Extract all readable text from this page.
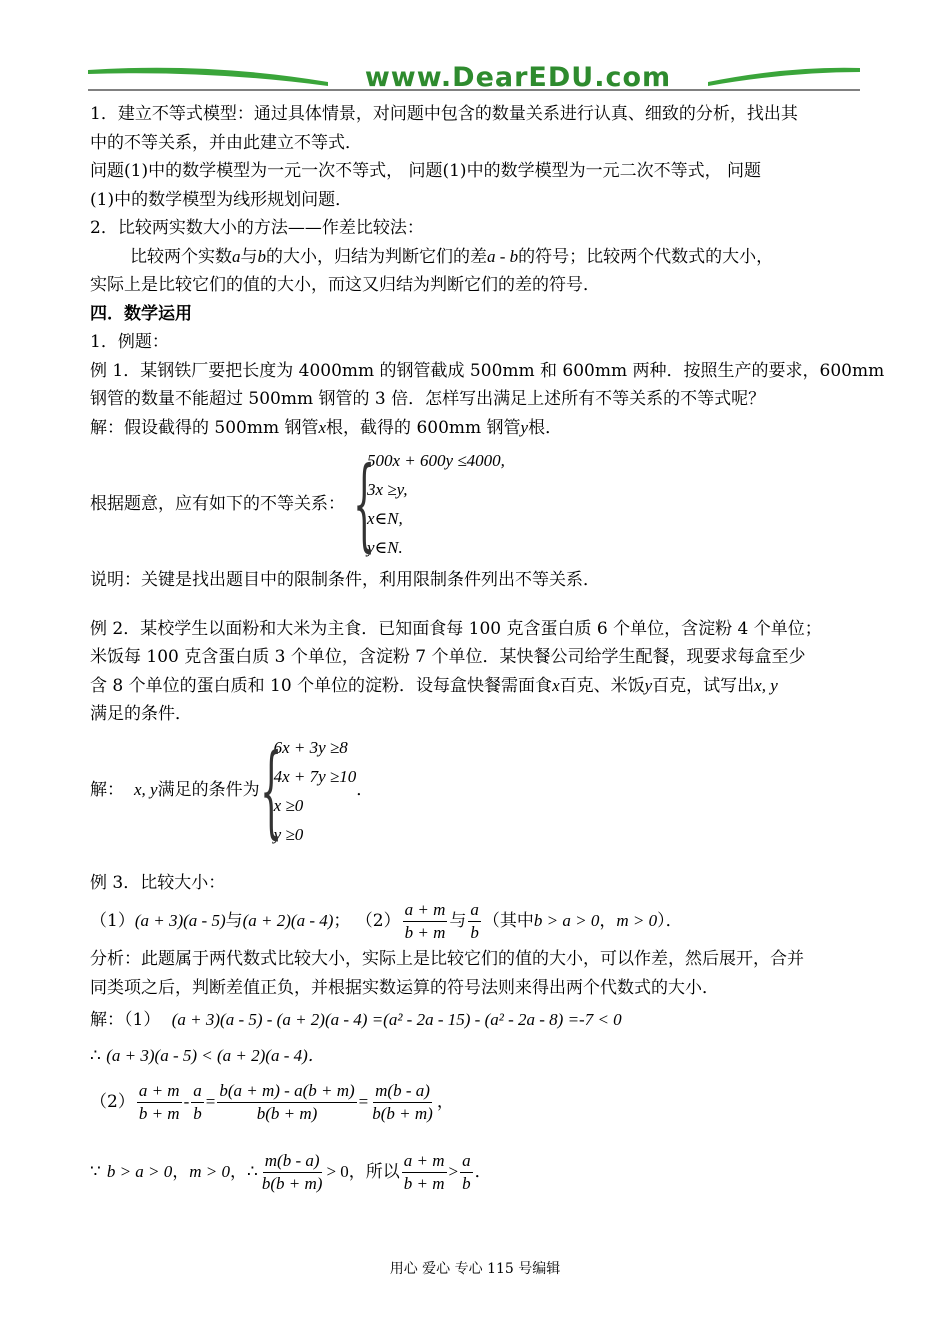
www.DearEDU.com

1．建立不等式模型：通过具体情景，对问题中包含的数量关系进行认真、细致的分析，找出其

中的不等关系，并由此建立不等式．

问题(1)中的数学模型为一元一次不等式， 问题(1)中的数学模型为一元二次不等式， 问题

(1)中的数学模型为线形规划问题．

2．比较两实数大小的方法——作差比较法：

比较两个实数a与b的大小，归结为判断它们的差a - b的符号；比较两个代数式的大小，

实际上是比较它们的值的大小，而这又归结为判断它们的差的符号．

四．数学运用

1．例题：

例 1．某钢铁厂要把长度为 4000mm 的钢管截成 500mm 和 600mm 两种．按照生产的要求，600mm

钢管的数量不能超过 500mm 钢管的 3 倍．怎样写出满足上述所有不等关系的不等式呢？

解：假设截得的 500mm 钢管x根，截得的 600mm 钢管y根．

根据题意，应有如下的不等关系： {
500x + 600y ≤4000,
3x ≥y,
x∈N,
y∈N.

说明：关键是找出题目中的限制条件，利用限制条件列出不等关系．

例 2．某校学生以面粉和大米为主食．已知面食每 100 克含蛋白质 6 个单位，含淀粉 4 个单位；

米饭每 100 克含蛋白质 3 个单位，含淀粉 7 个单位．某快餐公司给学生配餐，现要求每盒至少

含 8 个单位的蛋白质和 10 个单位的淀粉．设每盒快餐需面食x百克、米饭y百克，试写出x, y

满足的条件．

解： x, y 满足的条件为 {
6x + 3y ≥8
4x + 7y ≥10
x ≥0
y ≥0
．

例 3．比较大小：

（1） (a + 3)(a - 5) 与 (a + 2)(a - 4) ； $(2) \frac{a + m}{b + m}$ 与 $\frac{a}{b}$ （其中 b > a > 0 ， m > 0 ）．

分析：此题属于两代数式比较大小，实际上是比较它们的值的大小，可以作差，然后展开，合并

同类项之后，判断差值正负，并根据实数运算的符号法则来得出两个代数式的大小．

解：（1） (a + 3)(a - 5) - (a + 2)(a - 4) =(a² - 2a - 15) - (a² - 2a - 8) =-7 < 0

∴ (a + 3)(a - 5) < (a + 2)(a - 4)．

$(2) \frac{a + m}{b + m} - \frac{a}{b} = \frac{b(a + m) - a(b + m)}{b(b + m)} = \frac{m(b - a)}{b(b + m)}$ ，

∵ b > a > 0 ， m > 0 ， ∴ $\frac{m(b - a)}{b(b + m)} > 0$ ，所以 $\frac{a + m}{b + m} > \frac{a}{b}$ ．

用心 爱心 专心 115 号编辑
